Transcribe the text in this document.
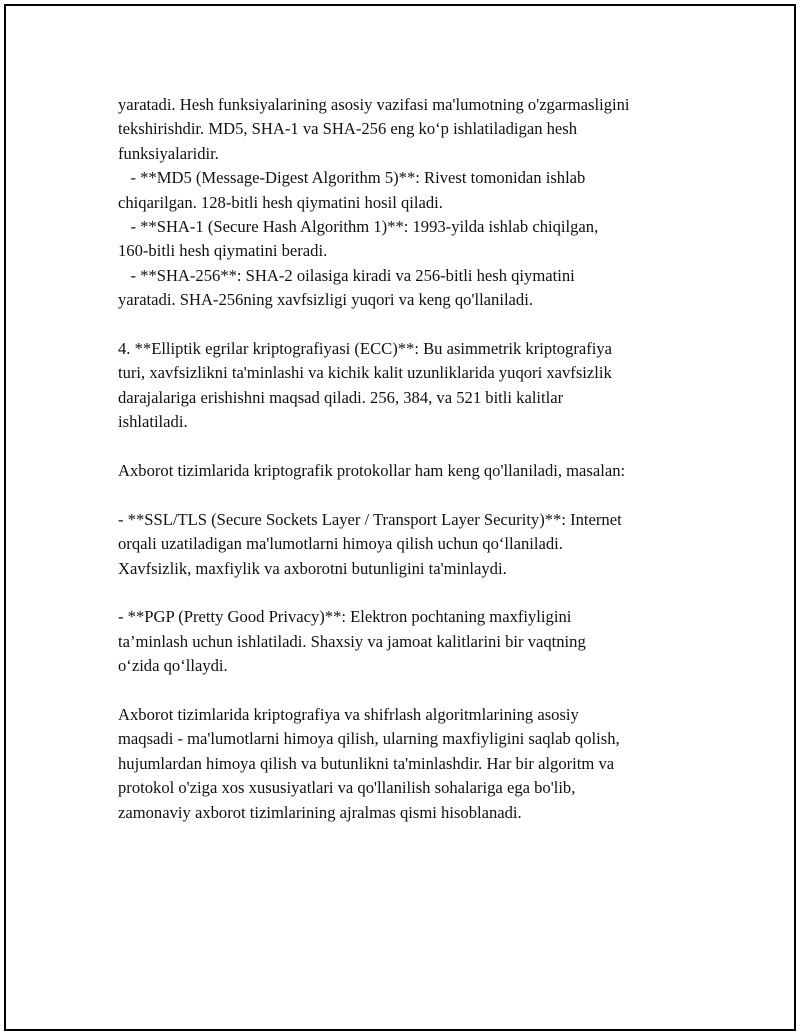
yaratadi. Hesh funksiyalarining asosiy vazifasi ma'lumotning o'zgarmasligini
tekshirishdir. MD5, SHA-1 va SHA-256 eng koʻp ishlatiladigan hesh
funksiyalaridir.
- **MD5 (Message-Digest Algorithm 5)**: Rivest tomonidan ishlab
chiqarilgan. 128-bitli hesh qiymatini hosil qiladi.
- **SHA-1 (Secure Hash Algorithm 1)**: 1993-yilda ishlab chiqilgan,
160-bitli hesh qiymatini beradi.
- **SHA-256**: SHA-2 oilasiga kiradi va 256-bitli hesh qiymatini
yaratadi. SHA-256ning xavfsizligi yuqori va keng qo'llaniladi.
4. **Elliptik egrilar kriptografiyasi (ECC)**: Bu asimmetrik kriptografiya
turi, xavfsizlikni ta'minlashi va kichik kalit uzunliklarida yuqori xavfsizlik
darajalariga erishishni maqsad qiladi. 256, 384, va 521 bitli kalitlar
ishlatiladi.
Axborot tizimlarida kriptografik protokollar ham keng qo'llaniladi, masalan:
- **SSL/TLS (Secure Sockets Layer / Transport Layer Security)**: Internet
orqali uzatiladigan ma'lumotlarni himoya qilish uchun qoʻllaniladi.
Xavfsizlik, maxfiylik va axborotni butunligini ta'minlaydi.
- **PGP (Pretty Good Privacy)**: Elektron pochtaning maxfiyligini
ta’minlash uchun ishlatiladi. Shaxsiy va jamoat kalitlarini bir vaqtning
oʻzida qoʻllaydi.
Axborot tizimlarida kriptografiya va shifrlash algoritmlarining asosiy
maqsadi - ma'lumotlarni himoya qilish, ularning maxfiyligini saqlab qolish,
hujumlardan himoya qilish va butunlikni ta'minlashdir. Har bir algoritm va
protokol o'ziga xos xususiyatlari va qo'llanilish sohalariga ega bo'lib,
zamonaviy axborot tizimlarining ajralmas qismi hisoblanadi.
